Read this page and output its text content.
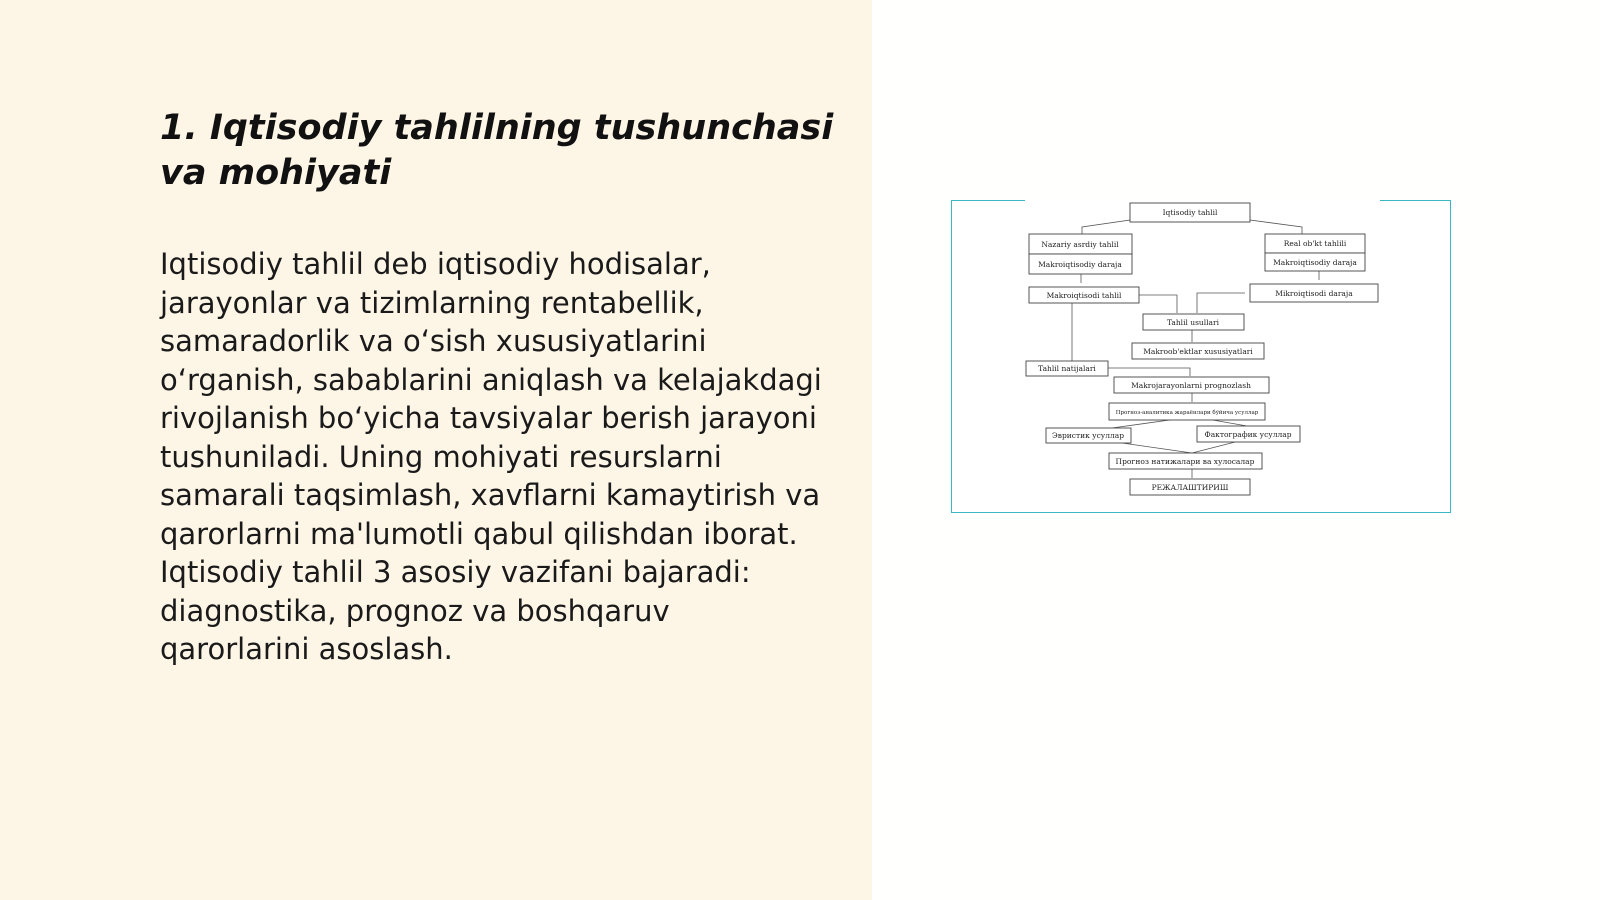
1. Iqtisodiy tahlilning tushunchasi va mohiyati

Iqtisodiy tahlil deb iqtisodiy hodisalar,
jarayonlar va tizimlarning rentabellik,
samaradorlik va o‘sish xususiyatlarini
o‘rganish, sabablarini aniqlash va kelajakdagi
rivojlanish bo‘yicha tavsiyalar berish jarayoni
tushuniladi. Uning mohiyati resurslarni
samarali taqsimlash, xavflarni kamaytirish va
qarorlarni ma'lumotli qabul qilishdan iborat.
Iqtisodiy tahlil 3 asosiy vazifani bajaradi:
diagnostika, prognoz va boshqaruv
qarorlarini asoslash.

Iqtisodiy tahlil
Nazariy asrdiy tahlil
Makroiqtisodiy daraja
Real ob'kt tahlili
Makroiqtisodiy daraja
Makroiqtisodi tahlil	Mikroiqtisodi daraja
Tahlil usullari
Makroob'ektlar xususiyatlari
Tahlil natijalari
Makrojarayonlarni prognozlash
Прогноз-аналитика жараёнлари бўйича усуллар
Эвристик усуллар	Фактографик усуллар
Прогноз натижалари ва хулосалар
РЕЖАЛАШТИРИШ
